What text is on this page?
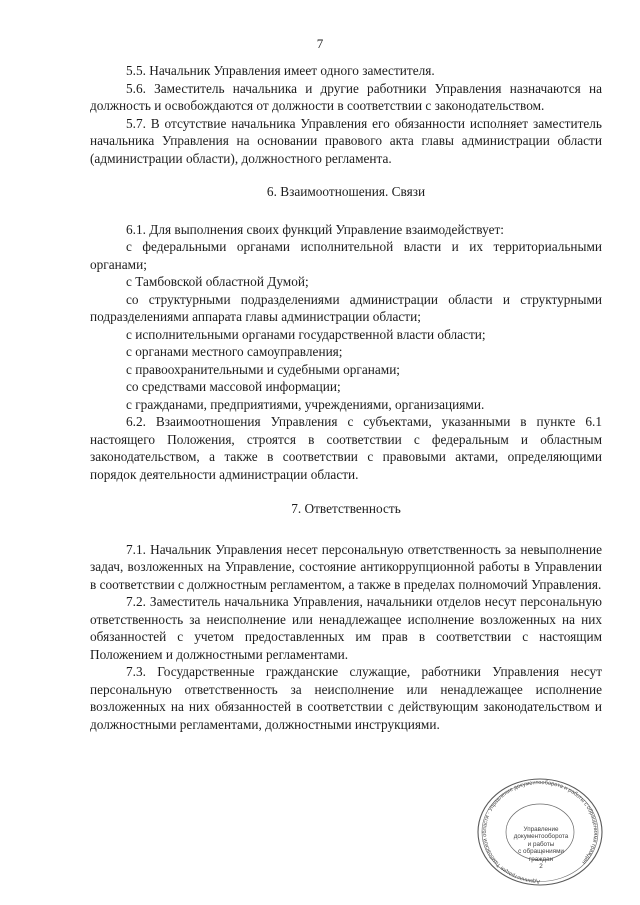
7

5.5. Начальник Управления имеет одного заместителя.

5.6. Заместитель начальника и другие работники Управления назначаются на должность и освобождаются от должности в соответствии с законодательством.

5.7. В отсутствие начальника Управления его обязанности исполняет заместитель начальника Управления на основании правового акта главы администрации области (администрации области), должностного регламента.

6. Взаимоотношения. Связи

6.1. Для выполнения своих функций Управление взаимодействует:

с федеральными органами исполнительной власти и их территориальными органами;

с Тамбовской областной Думой;

со структурными подразделениями администрации области и структурными подразделениями аппарата главы администрации области;

с исполнительными органами государственной власти области;

с органами местного самоуправления;

с правоохранительными и судебными органами;

со средствами массовой информации;

с гражданами, предприятиями, учреждениями, организациями.

6.2. Взаимоотношения Управления с субъектами, указанными в пункте 6.1 настоящего Положения, строятся в соответствии с федеральным и областным законодательством, а также в соответствии с правовыми актами, определяющими порядок деятельности администрации области.

7. Ответственность

7.1. Начальник Управления несет персональную ответственность за невыполнение задач, возложенных на Управление, состояние антикоррупционной работы в Управлении в соответствии с должностным регламентом, а также в пределах полномочий Управления.

7.2. Заместитель начальника Управления, начальники отделов несут персональную ответственность за неисполнение или ненадлежащее исполнение возложенных на них обязанностей с учетом предоставленных им прав в соответствии с настоящим Положением и должностными регламентами.

7.3. Государственные гражданские служащие, работники Управления несут персональную ответственность за неисполнение или ненадлежащее исполнение возложенных на них обязанностей в соответствии с действующим законодательством и должностными регламентами, должностными инструкциями.

Администрация Тамбовской области · Управление документооборота и работы с обращениями граждан
Управление
документооборота
и работы
с обращениями
граждан
2
